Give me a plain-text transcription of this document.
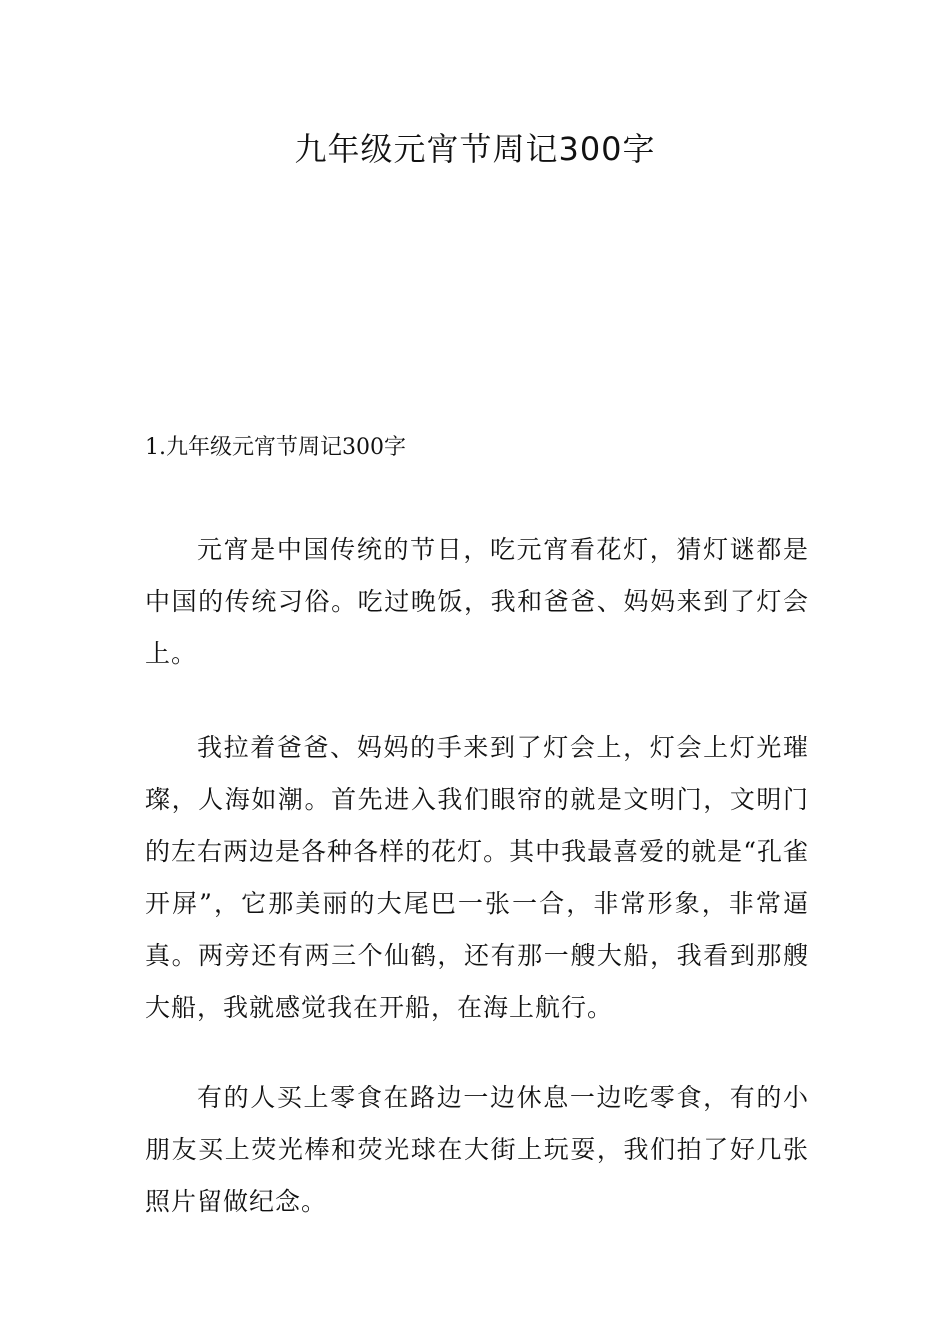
九年级元宵节周记300字
1.九年级元宵节周记300字

元宵是中国传统的节日，吃元宵看花灯，猜灯谜都是中国的传统习俗。吃过晚饭，我和爸爸、妈妈来到了灯会上。

我拉着爸爸、妈妈的手来到了灯会上，灯会上灯光璀璨，人海如潮。首先进入我们眼帘的就是文明门，文明门的左右两边是各种各样的花灯。其中我最喜爱的就是“孔雀开屏”，它那美丽的大尾巴一张一合，非常形象，非常逼真。两旁还有两三个仙鹤，还有那一艘大船，我看到那艘大船，我就感觉我在开船，在海上航行。

有的人买上零食在路边一边休息一边吃零食，有的小朋友买上荧光棒和荧光球在大街上玩耍，我们拍了好几张照片留做纪念。
